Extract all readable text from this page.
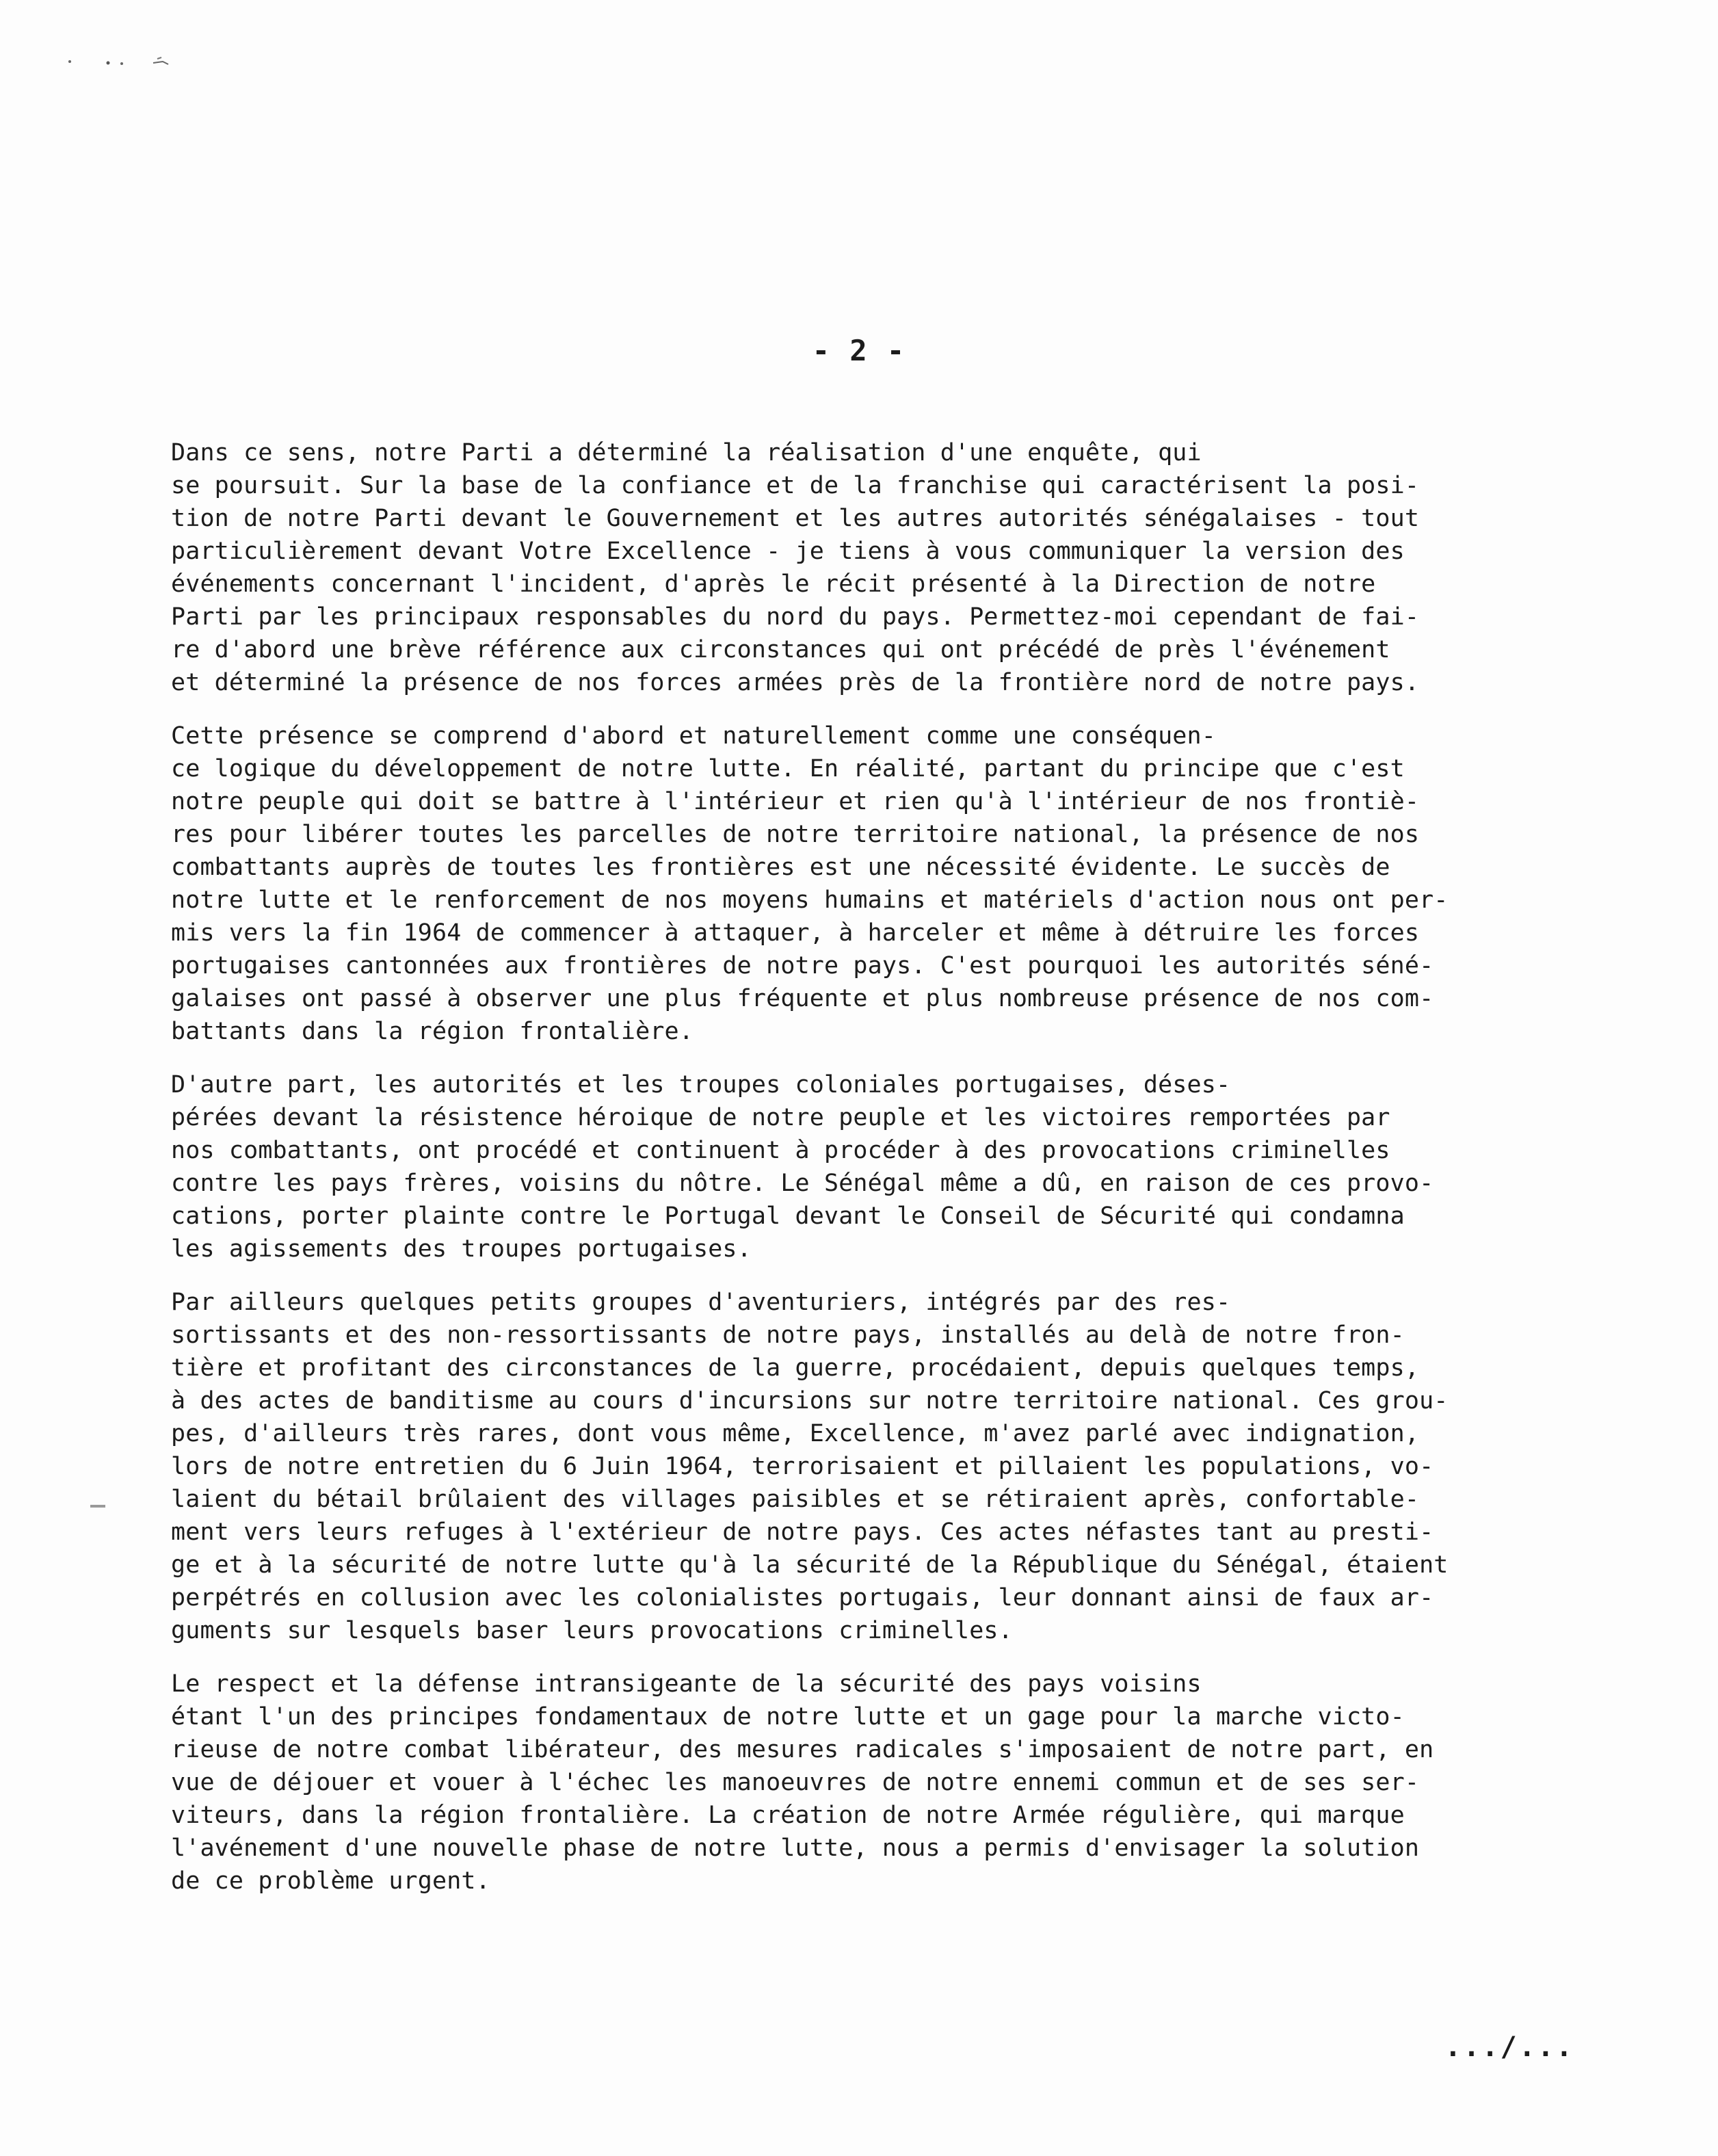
- 2 -
Dans ce sens, notre Parti a déterminé la réalisation d'une enquête, qui
se poursuit. Sur la base de la confiance et de la franchise qui caractérisent la posi-
tion de notre Parti devant le Gouvernement et les autres autorités sénégalaises - tout
particulièrement devant Votre Excellence - je tiens à vous communiquer la version des
événements concernant l'incident, d'après le récit présenté à la Direction de notre
Parti par les principaux responsables du nord du pays. Permettez-moi cependant de fai-
re d'abord une brève référence aux circonstances qui ont précédé de près l'événement
et déterminé la présence de nos forces armées près de la frontière nord de notre pays.
Cette présence se comprend d'abord et naturellement comme une conséquen-
ce logique du développement de notre lutte. En réalité, partant du principe que c'est
notre peuple qui doit se battre à l'intérieur et rien qu'à l'intérieur de nos frontiè-
res pour libérer toutes les parcelles de notre territoire national, la présence de nos
combattants auprès de toutes les frontières est une nécessité évidente. Le succès de
notre lutte et le renforcement de nos moyens humains et matériels d'action nous ont per-
mis vers la fin 1964 de commencer à attaquer, à harceler et même à détruire les forces
portugaises cantonnées aux frontières de notre pays. C'est pourquoi les autorités séné-
galaises ont passé à observer une plus fréquente et plus nombreuse présence de nos com-
battants dans la région frontalière.
D'autre part, les autorités et les troupes coloniales portugaises, déses-
pérées devant la résistence héroique de notre peuple et les victoires remportées par
nos combattants, ont procédé et continuent à procéder à des provocations criminelles
contre les pays frères, voisins du nôtre. Le Sénégal même a dû, en raison de ces provo-
cations, porter plainte contre le Portugal devant le Conseil de Sécurité qui condamna
les agissements des troupes portugaises.
Par ailleurs quelques petits groupes d'aventuriers, intégrés par des res-
sortissants et des non-ressortissants de notre pays, installés au delà de notre fron-
tière et profitant des circonstances de la guerre, procédaient, depuis quelques temps,
à des actes de banditisme au cours d'incursions sur notre territoire national. Ces grou-
pes, d'ailleurs très rares, dont vous même, Excellence, m'avez parlé avec indignation,
lors de notre entretien du 6 Juin 1964, terrorisaient et pillaient les populations, vo-
laient du bétail brûlaient des villages paisibles et se rétiraient après, confortable-
ment vers leurs refuges à l'extérieur de notre pays. Ces actes néfastes tant au presti-
ge et à la sécurité de notre lutte qu'à la sécurité de la République du Sénégal, étaient
perpétrés en collusion avec les colonialistes portugais, leur donnant ainsi de faux ar-
guments sur lesquels baser leurs provocations criminelles.
Le respect et la défense intransigeante de la sécurité des pays voisins
étant l'un des principes fondamentaux de notre lutte et un gage pour la marche victo-
rieuse de notre combat libérateur, des mesures radicales s'imposaient de notre part, en
vue de déjouer et vouer à l'échec les manoeuvres de notre ennemi commun et de ses ser-
viteurs, dans la région frontalière. La création de notre Armée régulière, qui marque
l'avénement d'une nouvelle phase de notre lutte, nous a permis d'envisager la solution
de ce problème urgent.
.../...
